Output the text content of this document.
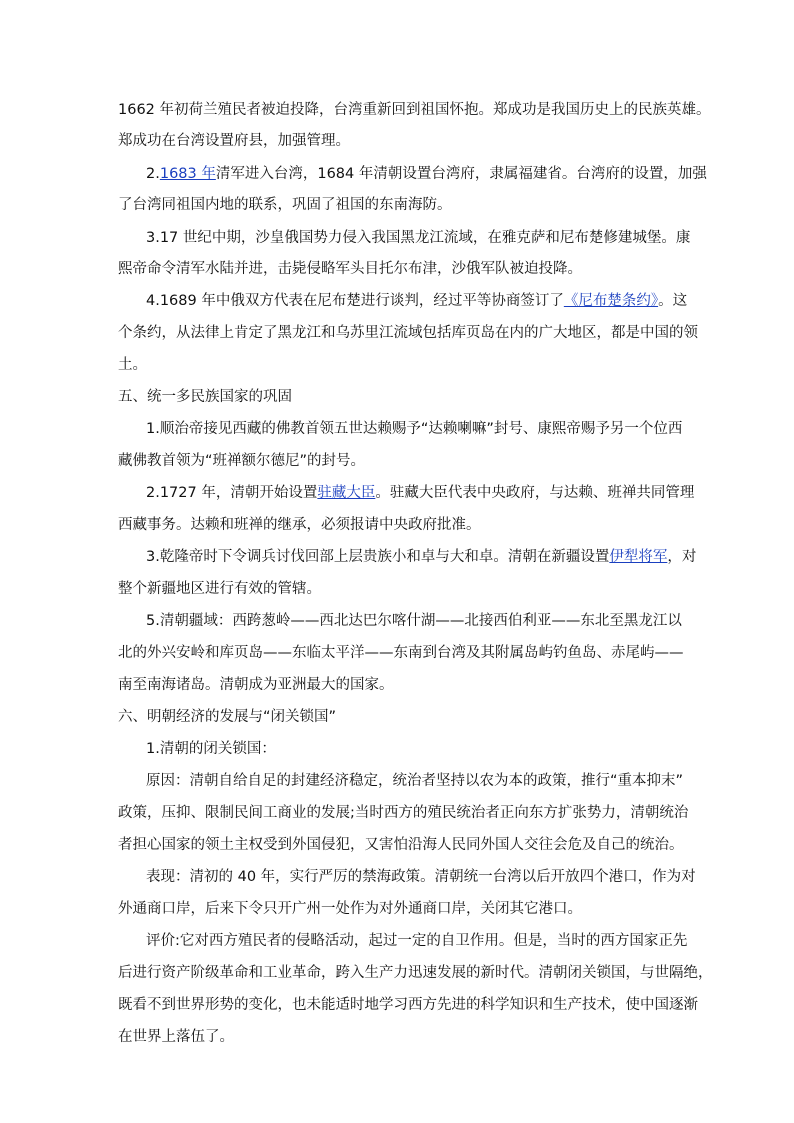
1662 年初荷兰殖民者被迫投降，台湾重新回到祖国怀抱。郑成功是我国历史上的民族英雄。
郑成功在台湾设置府县，加强管理。
2.1683 年清军进入台湾，1684 年清朝设置台湾府，隶属福建省。台湾府的设置，加强
了台湾同祖国内地的联系，巩固了祖国的东南海防。
3.17 世纪中期，沙皇俄国势力侵入我国黑龙江流域，在雅克萨和尼布楚修建城堡。康
熙帝命令清军水陆并进，击毙侵略军头目托尔布津，沙俄军队被迫投降。
4.1689 年中俄双方代表在尼布楚进行谈判，经过平等协商签订了《尼布楚条约》。这
个条约，从法律上肯定了黑龙江和乌苏里江流域包括库页岛在内的广大地区，都是中国的领
土。
五、统一多民族国家的巩固
1.顺治帝接见西藏的佛教首领五世达赖赐予“达赖喇嘛”封号、康熙帝赐予另一个位西
藏佛教首领为“班禅额尔德尼”的封号。
2.1727 年，清朝开始设置驻藏大臣。驻藏大臣代表中央政府，与达赖、班禅共同管理
西藏事务。达赖和班禅的继承，必须报请中央政府批准。
3.乾隆帝时下令调兵讨伐回部上层贵族小和卓与大和卓。清朝在新疆设置伊犁将军，对
整个新疆地区进行有效的管辖。
5.清朝疆域：西跨葱岭——西北达巴尔喀什湖——北接西伯利亚——东北至黑龙江以
北的外兴安岭和库页岛——东临太平洋——东南到台湾及其附属岛屿钓鱼岛、赤尾屿——
南至南海诸岛。清朝成为亚洲最大的国家。
六、明朝经济的发展与“闭关锁国”
1.清朝的闭关锁国：
原因：清朝自给自足的封建经济稳定，统治者坚持以农为本的政策，推行“重本抑末”
政策，压抑、限制民间工商业的发展;当时西方的殖民统治者正向东方扩张势力，清朝统治
者担心国家的领土主权受到外国侵犯，又害怕沿海人民同外国人交往会危及自己的统治。
表现：清初的 40 年，实行严厉的禁海政策。清朝统一台湾以后开放四个港口，作为对
外通商口岸，后来下令只开广州一处作为对外通商口岸，关闭其它港口。
评价:它对西方殖民者的侵略活动，起过一定的自卫作用。但是，当时的西方国家正先
后进行资产阶级革命和工业革命，跨入生产力迅速发展的新时代。清朝闭关锁国，与世隔绝，
既看不到世界形势的变化，也未能适时地学习西方先进的科学知识和生产技术，使中国逐渐
在世界上落伍了。
